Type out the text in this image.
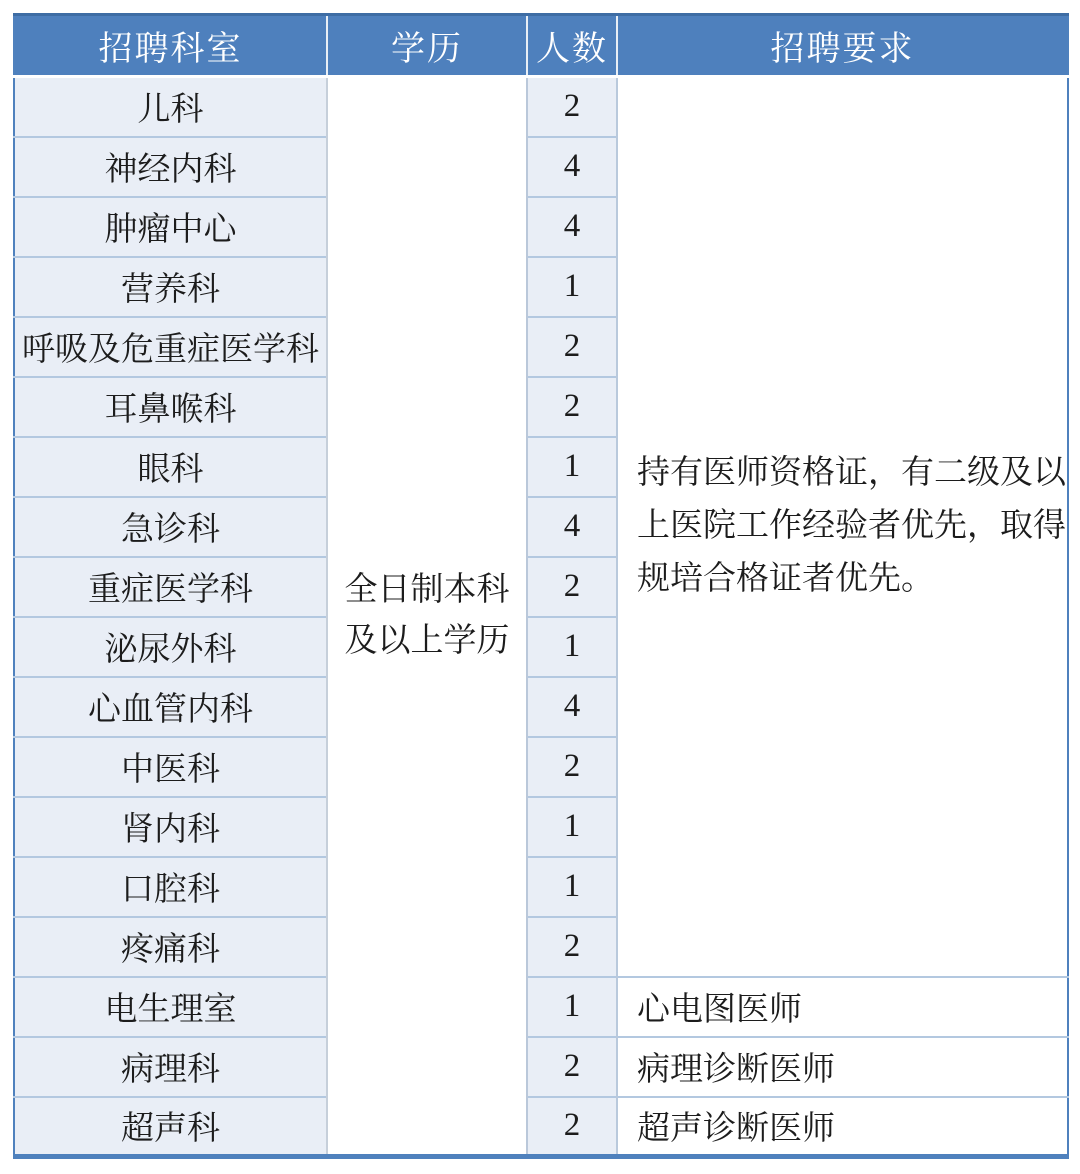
招聘科室	学历	人数	招聘要求
儿科	全日制本科及以上学历	2	持有医师资格证，有二级及以上医院工作经验者优先，取得规培合格证者优先。

神经内科		4	
肿瘤中心		4	
营养科		1	
呼吸及危重症医学科		2	
耳鼻喉科		2	
眼科		1	
急诊科		4	
重症医学科		2	
泌尿外科		1	
心血管内科		4	
中医科		2	
肾内科		1	
口腔科		1	
疼痛科		2	
电生理室		1	心电图医师
病理科		2	病理诊断医师
超声科		2	超声诊断医师
